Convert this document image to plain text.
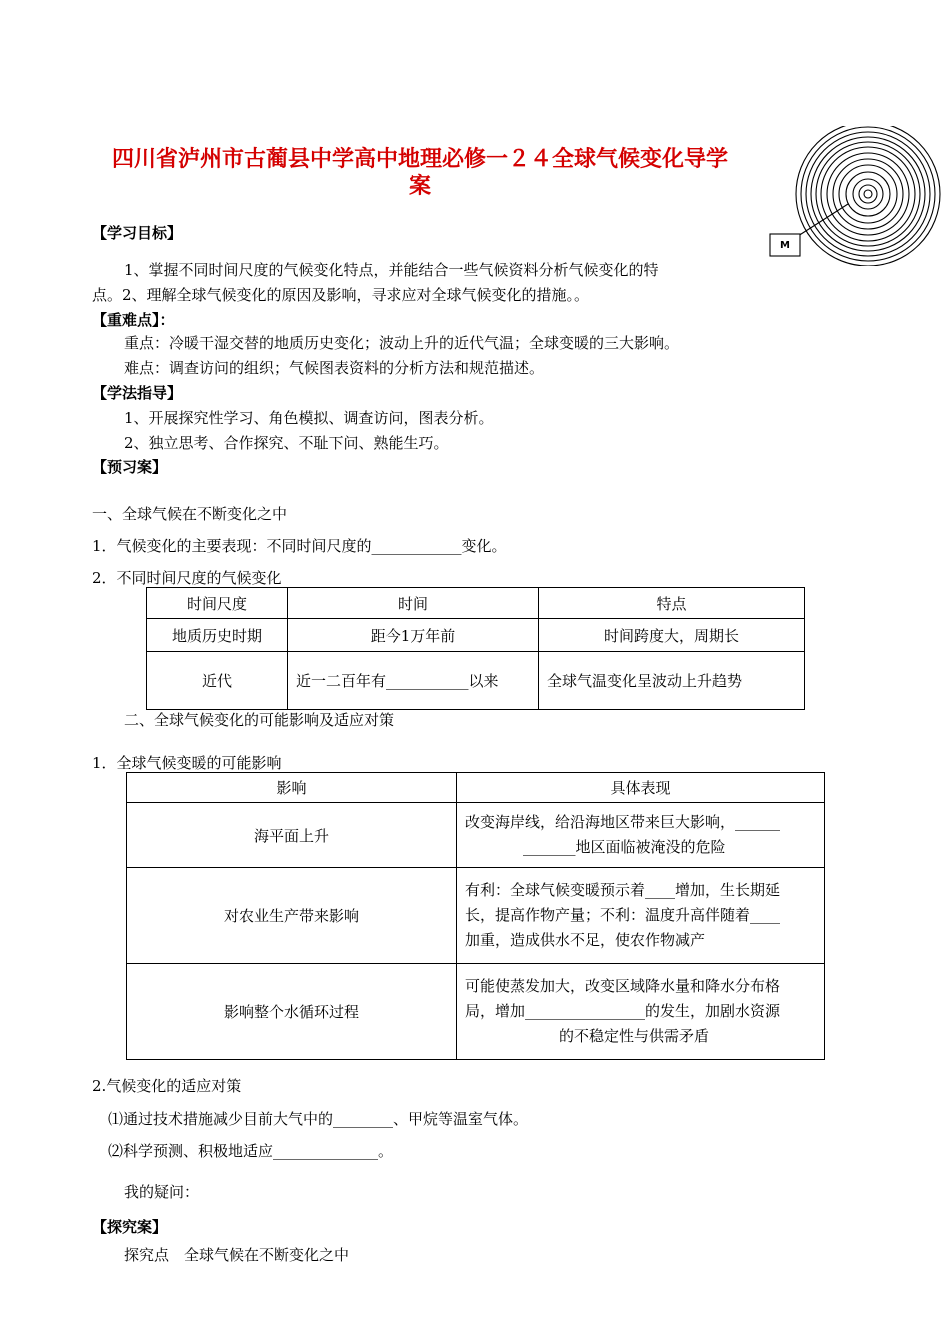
四川省泸州市古蔺县中学高中地理必修一２４全球气候变化导学
案
M
【学习目标】
1、掌握不同时间尺度的气候变化特点，并能结合一些气候资料分析气候变化的特
点。2、理解全球气候变化的原因及影响，寻求应对全球气候变化的措施。。
【重难点】：
重点：冷暖干湿交替的地质历史变化；波动上升的近代气温；全球变暖的三大影响。
难点：调查访问的组织；气候图表资料的分析方法和规范描述。
【学法指导】
1、开展探究性学习、角色模拟、调查访问，图表分析。
2、独立思考、合作探究、不耻下问、熟能生巧。
【预习案】
一、全球气候在不断变化之中
1．气候变化的主要表现：不同时间尺度的____________变化。
2．不同时间尺度的气候变化
时间尺度	时间	特点
地质历史时期	距今1万年前	时间跨度大，周期长
近代	近一二百年有___________以来	全球气温变化呈波动上升趋势
二、全球气候变化的可能影响及适应对策
1．全球气候变暖的可能影响
影响	具体表现
海平面上升	改变海岸线，给沿海地区带来巨大影响，______
_______地区面临被淹没的危险

对农业生产带来影响	有利：全球气候变暖预示着____增加，生长期延
长，提高作物产量；不利：温度升高伴随着____
加重，造成供水不足，使农作物减产

影响整个水循环过程	可能使蒸发加大，改变区域降水量和降水分布格
局，增加________________的发生，加剧水资源
的不稳定性与供需矛盾
2.气候变化的适应对策
⑴通过技术措施减少目前大气中的________、甲烷等温室气体。
⑵科学预测、积极地适应______________。
我的疑问：
【探究案】
探究点　全球气候在不断变化之中
